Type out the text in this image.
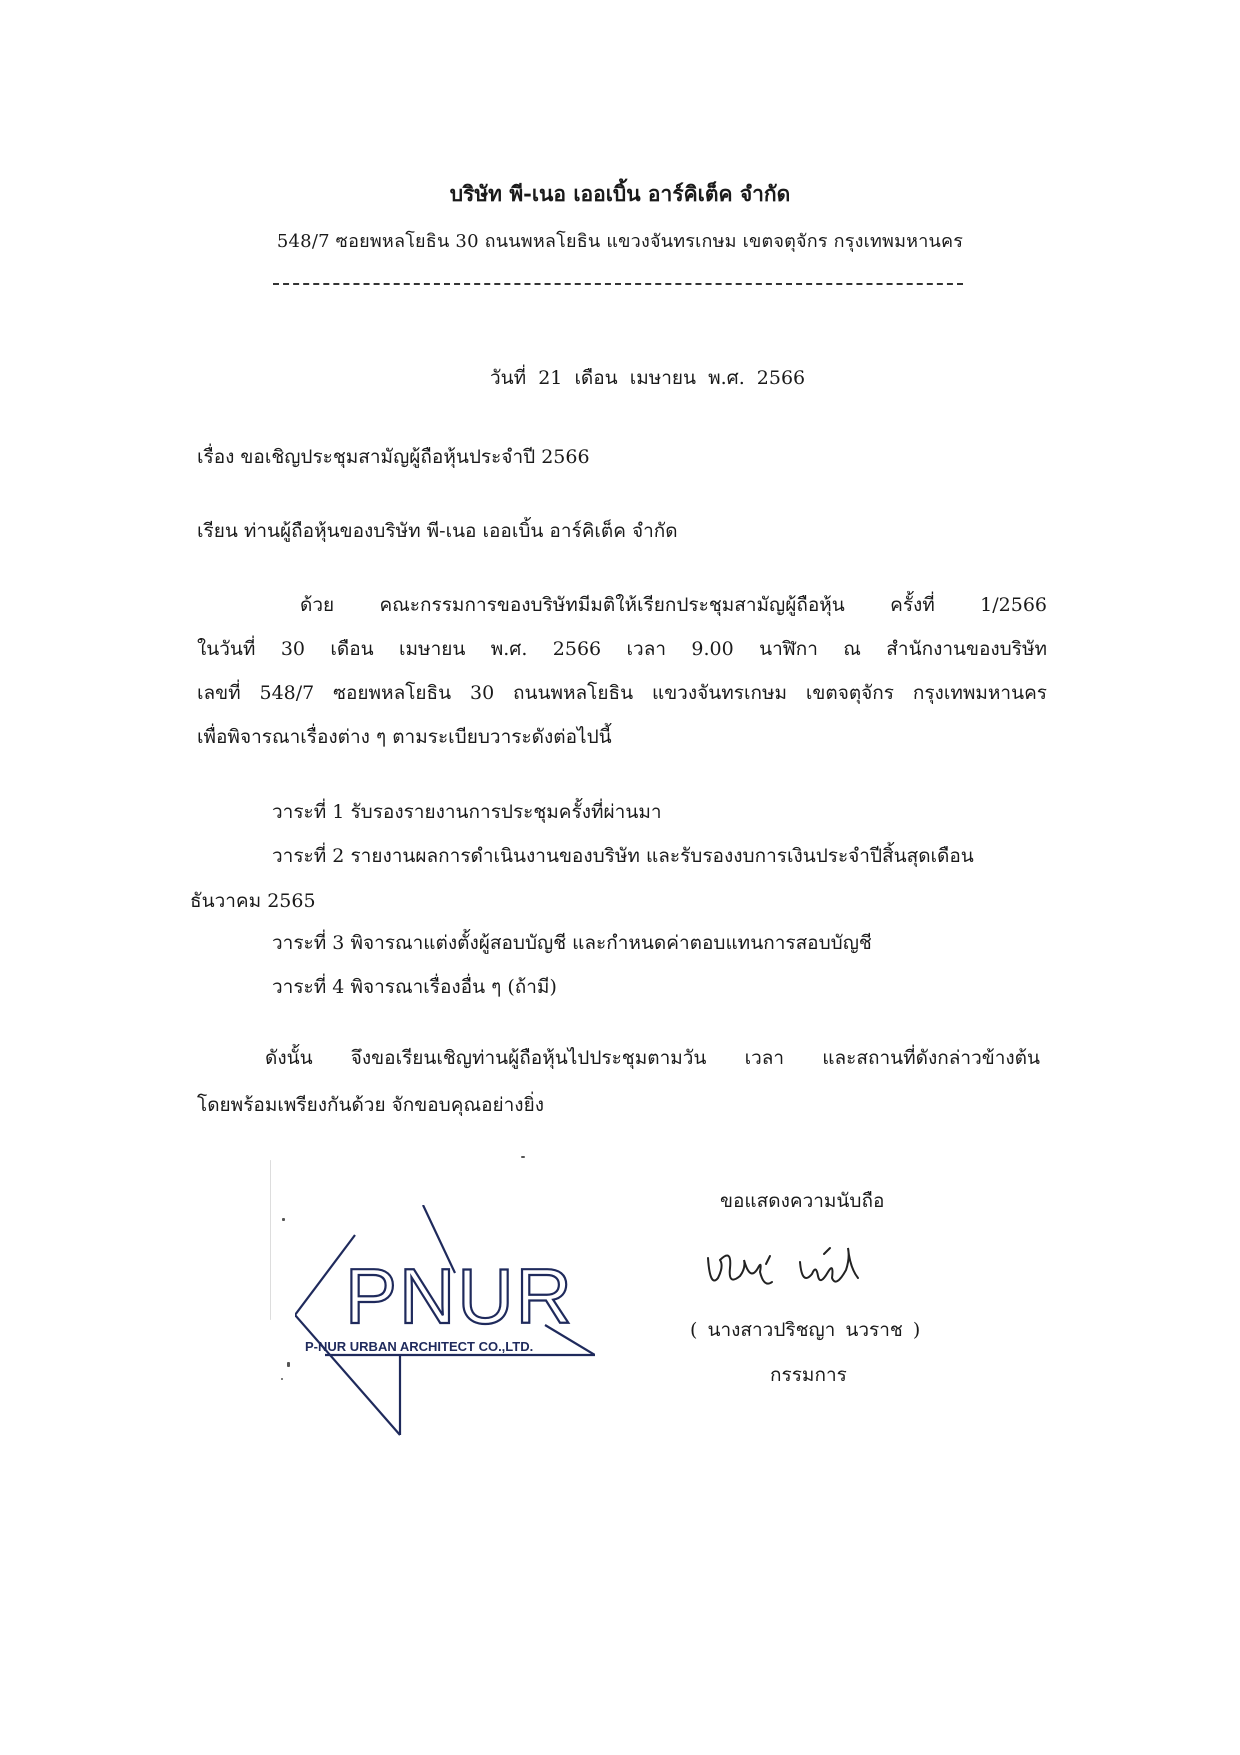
บริษัท พี-เนอ เออเบิ้น อาร์คิเต็ค จำกัด
548/7 ซอยพหลโยธิน 30 ถนนพหลโยธิน แขวงจันทรเกษม เขตจตุจักร กรุงเทพมหานคร
วันที่ 21 เดือน เมษายน พ.ศ. 2566
เรื่อง ขอเชิญประชุมสามัญผู้ถือหุ้นประจำปี 2566
เรียน ท่านผู้ถือหุ้นของบริษัท พี-เนอ เออเบิ้น อาร์คิเต็ค จำกัด
ด้วย คณะกรรมการของบริษัทมีมติให้เรียกประชุมสามัญผู้ถือหุ้น ครั้งที่ 1/2566
ในวันที่ 30 เดือน เมษายน พ.ศ. 2566 เวลา 9.00 นาฬิกา ณ สำนักงานของบริษัท
เลขที่ 548/7 ซอยพหลโยธิน 30 ถนนพหลโยธิน แขวงจันทรเกษม เขตจตุจักร กรุงเทพมหานคร
เพื่อพิจารณาเรื่องต่าง ๆ ตามระเบียบวาระดังต่อไปนี้
วาระที่ 1 รับรองรายงานการประชุมครั้งที่ผ่านมา
วาระที่ 2 รายงานผลการดำเนินงานของบริษัท และรับรองงบการเงินประจำปีสิ้นสุดเดือน
ธันวาคม 2565
วาระที่ 3 พิจารณาแต่งตั้งผู้สอบบัญชี และกำหนดค่าตอบแทนการสอบบัญชี
วาระที่ 4 พิจารณาเรื่องอื่น ๆ (ถ้ามี)
ดังนั้น จึงขอเรียนเชิญท่านผู้ถือหุ้นไปประชุมตามวัน เวลา และสถานที่ดังกล่าวข้างต้น
โดยพร้อมเพรียงกันด้วย จักขอบคุณอย่างยิ่ง
PNUR
P-NUR URBAN ARCHITECT CO.,LTD.
ขอแสดงความนับถือ
( นางสาวปริชญา นวราช )
กรรมการ
